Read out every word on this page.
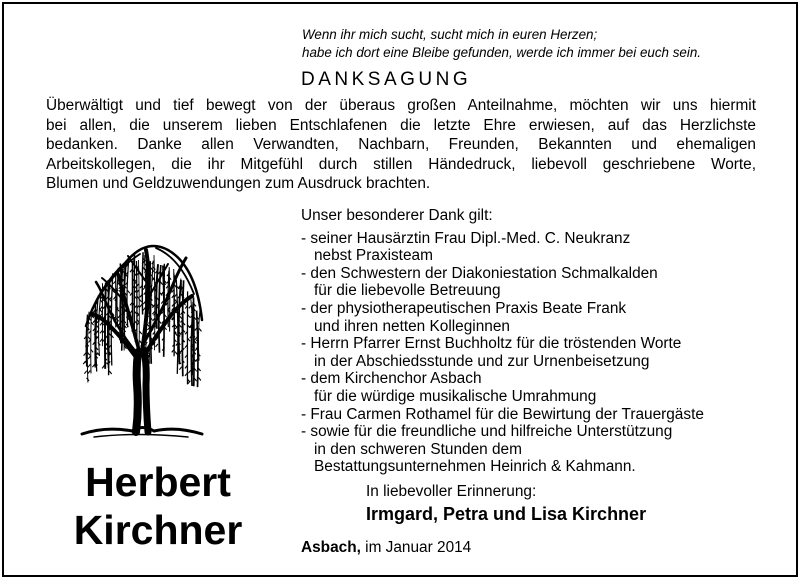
Wenn ihr mich sucht, sucht mich in euren Herzen;
habe ich dort eine Bleibe gefunden, werde ich immer bei euch sein.
DANKSAGUNG
Überwältigt und tief bewegt von der überaus großen Anteilnahme, möchten wir uns hiermit
bei allen, die unserem lieben Entschlafenen die letzte Ehre erwiesen, auf das Herzlichste
bedanken. Danke allen Verwandten, Nachbarn, Freunden, Bekannten und ehemaligen
Arbeitskollegen, die ihr Mitgefühl durch stillen Händedruck, liebevoll geschriebene Worte,
Blumen und Geldzuwendungen zum Ausdruck brachten.
Unser besonderer Dank gilt:
- seiner Hausärztin Frau Dipl.-Med. C. Neukranz
nebst Praxisteam
- den Schwestern der Diakoniestation Schmalkalden
für die liebevolle Betreuung
- der physiotherapeutischen Praxis Beate Frank
und ihren netten Kolleginnen
- Herrn Pfarrer Ernst Buchholtz für die tröstenden Worte
in der Abschiedsstunde und zur Urnenbeisetzung
- dem Kirchenchor Asbach
für die würdige musikalische Umrahmung
- Frau Carmen Rothamel für die Bewirtung der Trauergäste
- sowie für die freundliche und hilfreiche Unterstützung
in den schweren Stunden dem
Bestattungsunternehmen Heinrich & Kahmann.
Herbert
Kirchner
In liebevoller Erinnerung:
Irmgard, Petra und Lisa Kirchner
Asbach, im Januar 2014
